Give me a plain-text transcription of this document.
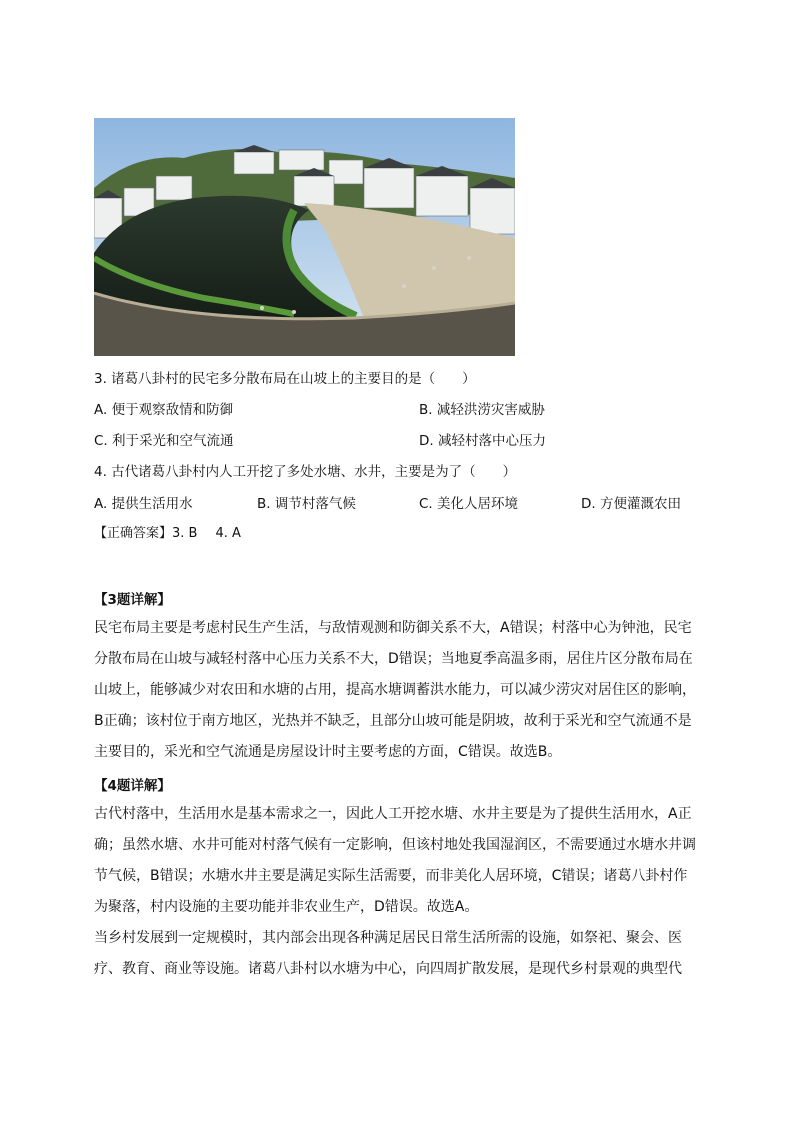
3. 诸葛八卦村的民宅多分散布局在山坡上的主要目的是（　　）
A. 便于观察敌情和防御	B. 减轻洪涝灾害威胁
C. 利于采光和空气流通	D. 减轻村落中心压力
4. 古代诸葛八卦村内人工开挖了多处水塘、水井，主要是为了（　　）
A. 提供生活用水	B. 调节村落气候	C. 美化人居环境	D. 方便灌溉农田
【正确答案】3. B 4. A
【3题详解】
民宅布局主要是考虑村民生产生活，与敌情观测和防御关系不大，A错误；村落中心为钟池，民宅
分散布局在山坡与减轻村落中心压力关系不大，D错误；当地夏季高温多雨，居住片区分散布局在
山坡上，能够减少对农田和水塘的占用，提高水塘调蓄洪水能力，可以减少涝灾对居住区的影响，
B正确；该村位于南方地区，光热并不缺乏，且部分山坡可能是阴坡，故利于采光和空气流通不是
主要目的，采光和空气流通是房屋设计时主要考虑的方面，C错误。故选B。
【4题详解】
古代村落中，生活用水是基本需求之一，因此人工开挖水塘、水井主要是为了提供生活用水，A正
确；虽然水塘、水井可能对村落气候有一定影响，但该村地处我国湿润区，不需要通过水塘水井调
节气候，B错误；水塘水井主要是满足实际生活需要，而非美化人居环境，C错误；诸葛八卦村作
为聚落，村内设施的主要功能并非农业生产，D错误。故选A。
当乡村发展到一定规模时，其内部会出现各种满足居民日常生活所需的设施，如祭祀、聚会、医
疗、教育、商业等设施。诸葛八卦村以水塘为中心，向四周扩散发展，是现代乡村景观的典型代
